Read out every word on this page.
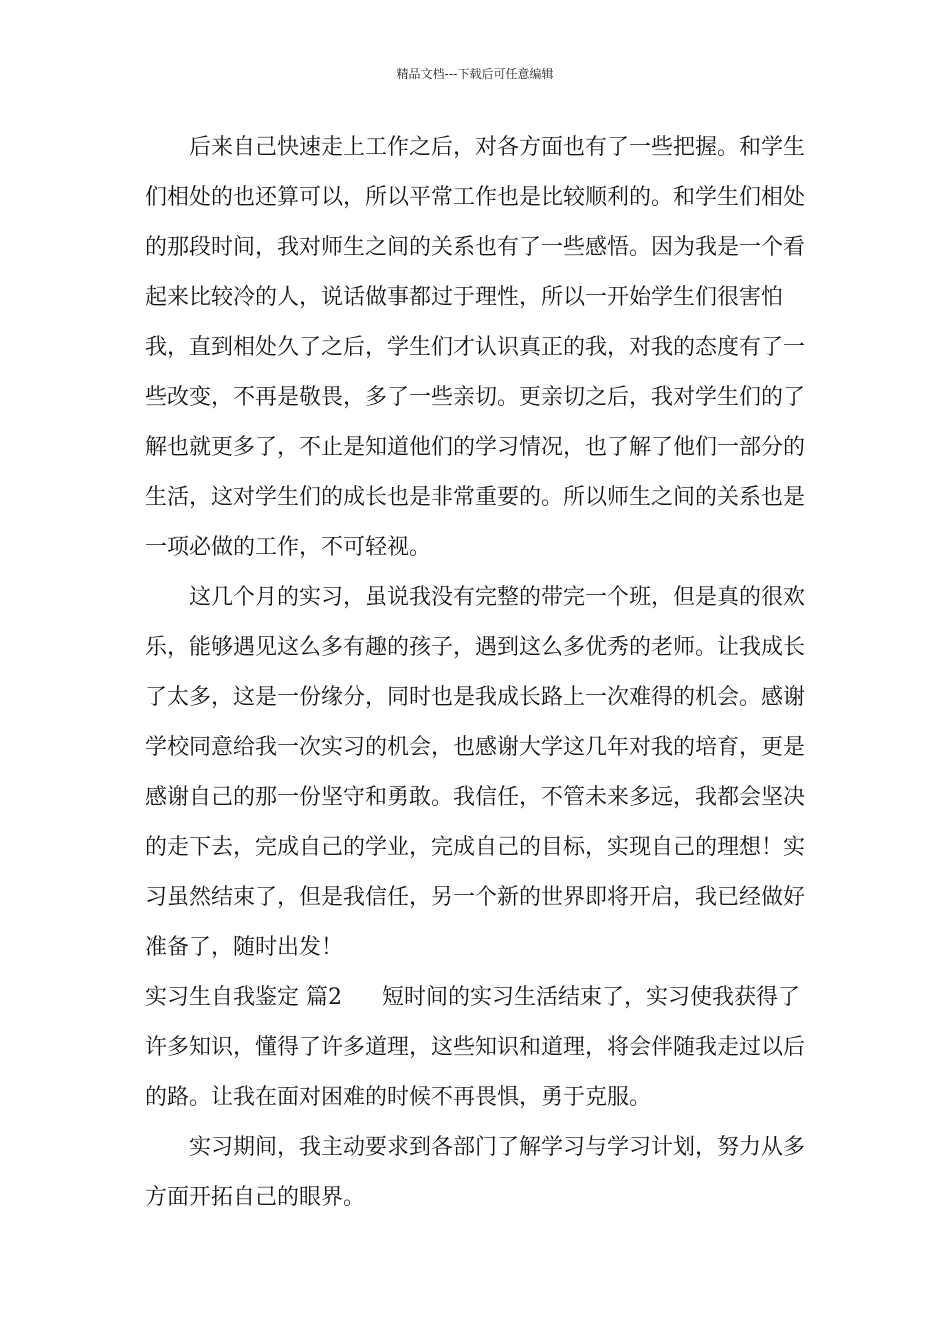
精品文档---下载后可任意编辑

后来自己快速走上工作之后，对各方面也有了一些把握。和学生们相处的也还算可以，所以平常工作也是比较顺利的。和学生们相处的那段时间，我对师生之间的关系也有了一些感悟。因为我是一个看起来比较冷的人，说话做事都过于理性，所以一开始学生们很害怕我，直到相处久了之后，学生们才认识真正的我，对我的态度有了一些改变，不再是敬畏，多了一些亲切。更亲切之后，我对学生们的了解也就更多了，不止是知道他们的学习情况，也了解了他们一部分的生活，这对学生们的成长也是非常重要的。所以师生之间的关系也是一项必做的工作，不可轻视。

这几个月的实习，虽说我没有完整的带完一个班，但是真的很欢乐，能够遇见这么多有趣的孩子，遇到这么多优秀的老师。让我成长了太多，这是一份缘分，同时也是我成长路上一次难得的机会。感谢学校同意给我一次实习的机会，也感谢大学这几年对我的培育，更是感谢自己的那一份坚守和勇敢。我信任，不管未来多远，我都会坚决的走下去，完成自己的学业，完成自己的目标，实现自己的理想！实习虽然结束了，但是我信任，另一个新的世界即将开启，我已经做好准备了，随时出发！

实习生自我鉴定 篇2 短时间的实习生活结束了，实习使我获得了许多知识，懂得了许多道理，这些知识和道理，将会伴随我走过以后的路。让我在面对困难的时候不再畏惧，勇于克服。

实习期间，我主动要求到各部门了解学习与学习计划，努力从多方面开拓自己的眼界。
